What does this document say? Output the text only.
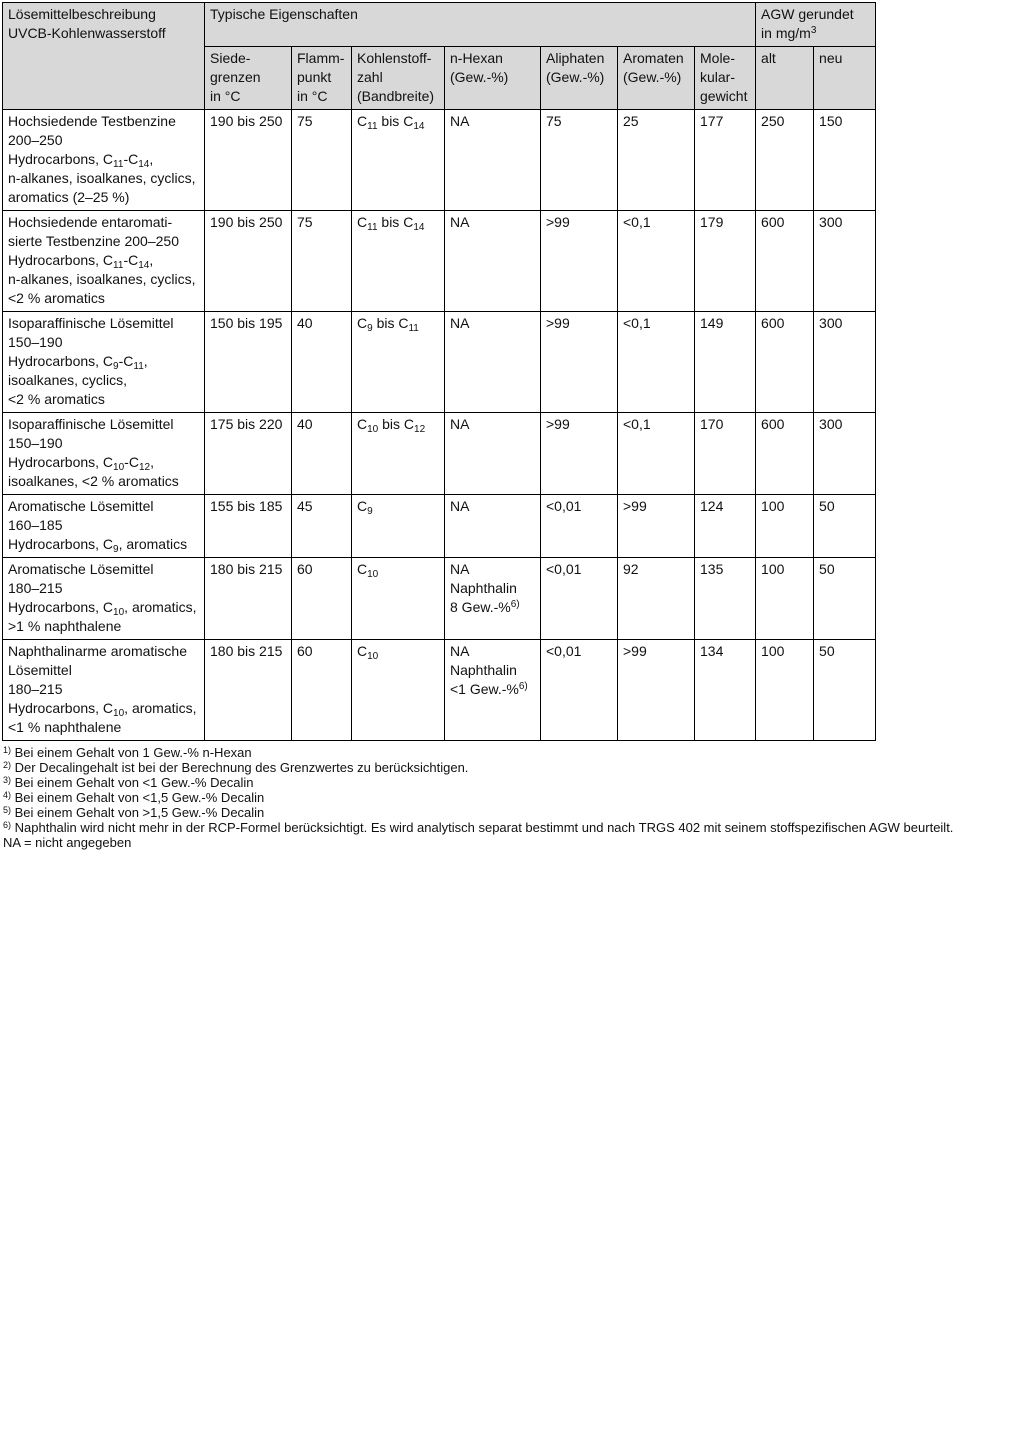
Lösemittelbeschreibung
UVCB-Kohlenwasserstoff	Typische Eigenschaften							AGW gerundet
in $mg/m^3$
	Siede-
grenzen
in °C	Flamm-
punkt
in °C	Kohlenstoff-
zahl
(Bandbreite)	n-Hexan
(Gew.-%)	Aliphaten
(Gew.-%)	Aromaten
(Gew.-%)	Mole-
kular-
gewicht	alt	neu
Hochsiedende Testbenzine
200–250
Hydrocarbons, $C_{11}-C_{14}$,
n-alkanes, isoalkanes, cyclics,
aromatics (2–25 %)	190 bis 250	75	$C_{11}$ bis $C_{14}$	NA	75	25	177	250	150
Hochsiedende entaromati-
sierte Testbenzine 200–250
Hydrocarbons, $C_{11}-C_{14}$,
n-alkanes, isoalkanes, cyclics,
<2 % aromatics	190 bis 250	75	$C_{11}$ bis $C_{14}$	NA	>99	<0,1	179	600	300
Isoparaffinische Lösemittel
150–190
Hydrocarbons, $C_9-C_{11}$,
isoalkanes, cyclics,
<2 % aromatics	150 bis 195	40	$C_9$ bis $C_{11}$	NA	>99	<0,1	149	600	300
Isoparaffinische Lösemittel
150–190
Hydrocarbons, $C_{10}-C_{12}$,
isoalkanes, <2 % aromatics	175 bis 220	40	$C_{10}$ bis $C_{12}$	NA	>99	<0,1	170	600	300
Aromatische Lösemittel
160–185
Hydrocarbons, $C_9$, aromatics	155 bis 185	45	$C_9$	NA	<0,01	>99	124	100	50
Aromatische Lösemittel
180–215
Hydrocarbons, $C_{10}$, aromatics,
>1 % naphthalene	180 bis 215	60	$C_{10}$	NA
Naphthalin
8 Gew.-%$^{6)}$	<0,01	92	135	100	50
Naphthalinarme aromatische
Lösemittel
180–215
Hydrocarbons, $C_{10}$, aromatics,
<1 % naphthalene	180 bis 215	60	$C_{10}$	NA
Naphthalin
<1 Gew.-%$^{6)}$	<0,01	>99	134	100	50
$^{1)}$ Bei einem Gehalt von 1 Gew.-% n-Hexan
$^{2)}$ Der Decalingehalt ist bei der Berechnung des Grenzwertes zu berücksichtigen.
$^{3)}$ Bei einem Gehalt von <1 Gew.-% Decalin
$^{4)}$ Bei einem Gehalt von <1,5 Gew.-% Decalin
$^{5)}$ Bei einem Gehalt von >1,5 Gew.-% Decalin
$^{6)}$ Naphthalin wird nicht mehr in der RCP-Formel berücksichtigt. Es wird analytisch separat bestimmt und nach TRGS 402 mit seinem stoffspezifischen AGW beurteilt.
NA = nicht angegeben
